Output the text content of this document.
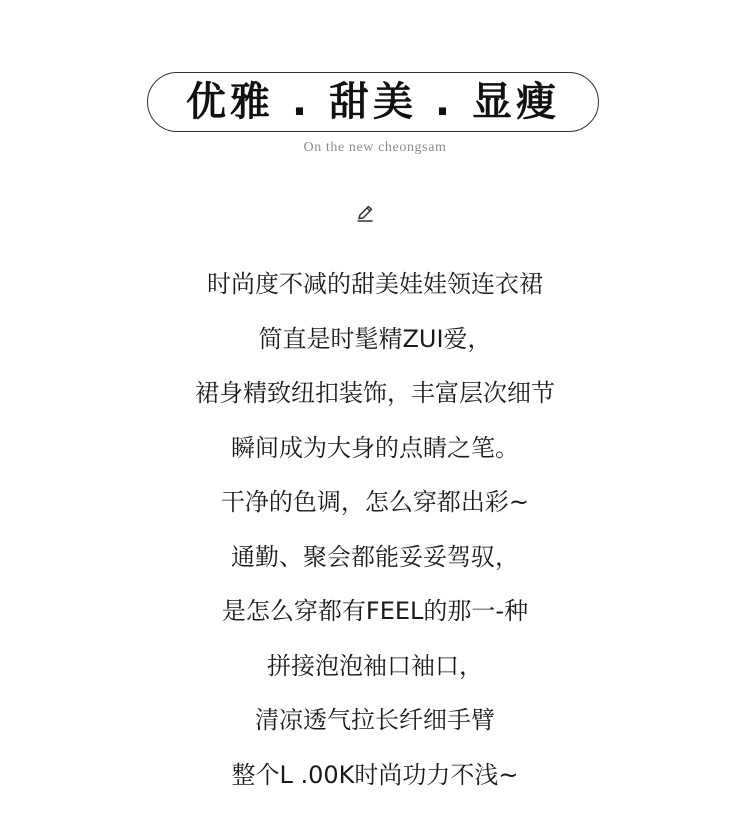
优雅 . 甜美 . 显瘦
On the new cheongsam
时尚度不减的甜美娃娃领连衣裙
简直是时髦精ZUI爱，
裙身精致纽扣装饰，丰富层次细节
瞬间成为大身的点睛之笔。
干净的色调，怎么穿都出彩~
通勤、聚会都能妥妥驾驭，
是怎么穿都有FEEL的那一-种
拼接泡泡袖口袖口，
清凉透气拉长纤细手臂
整个L .00K时尚功力不浅~
